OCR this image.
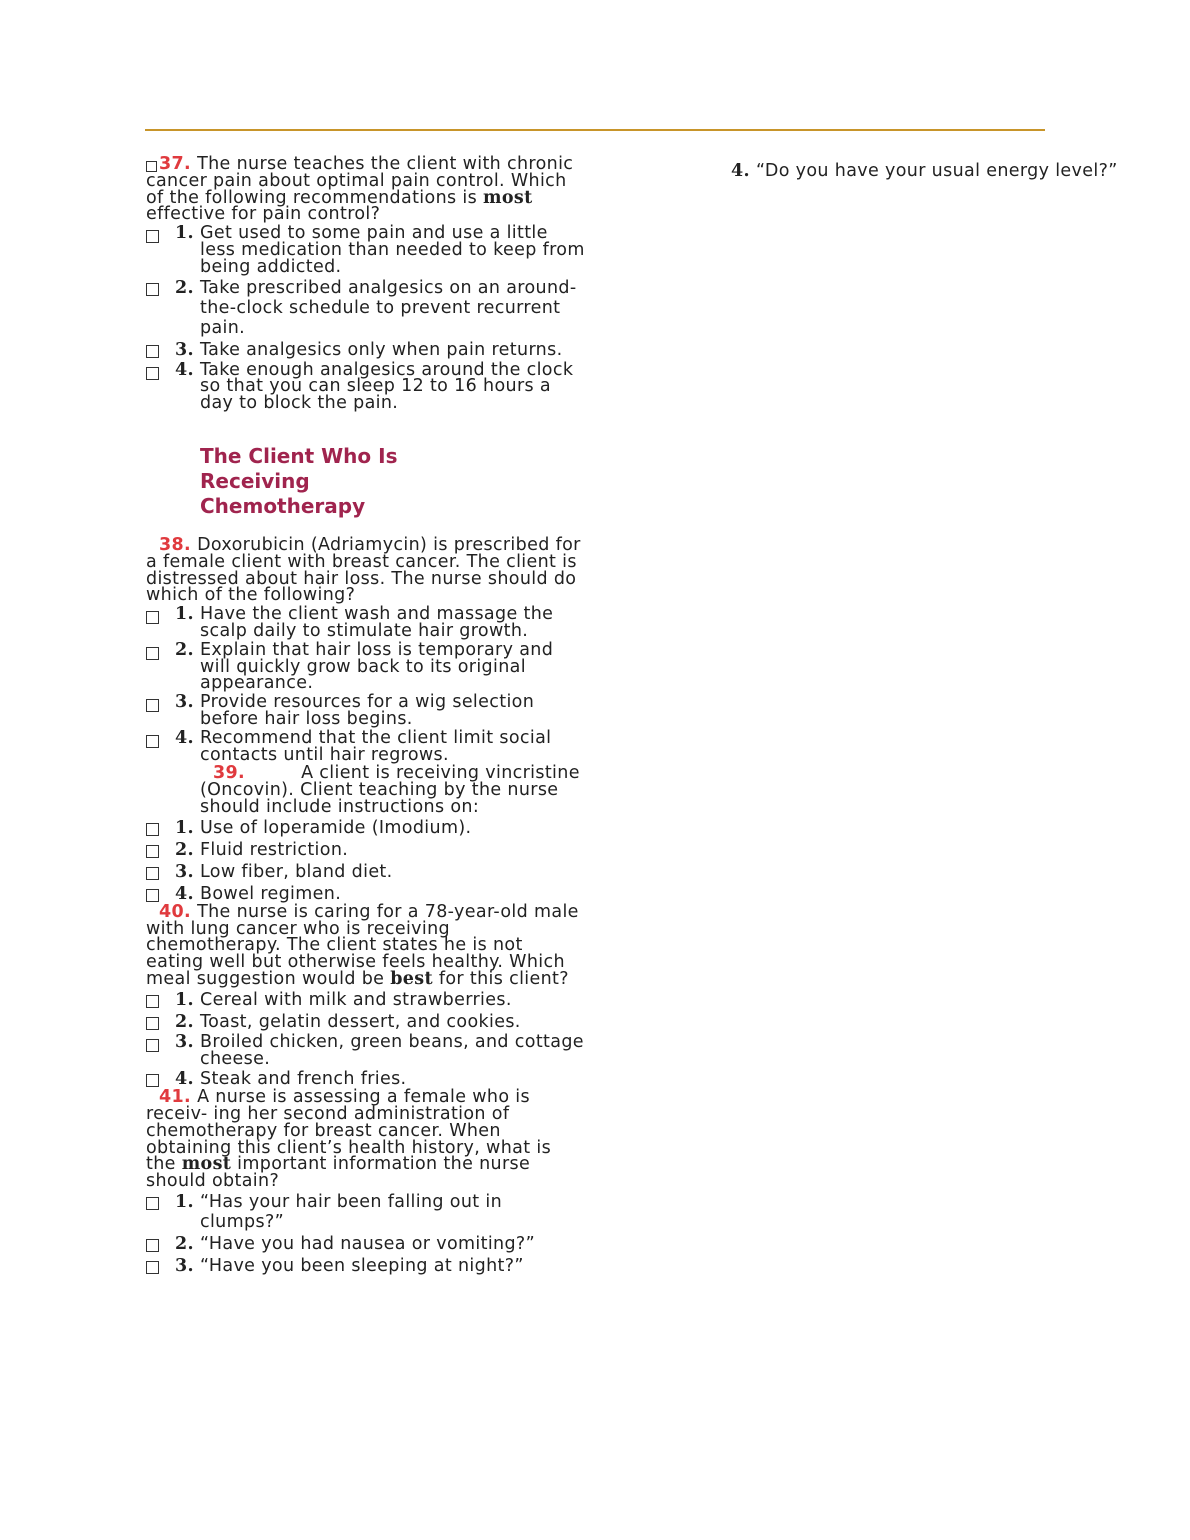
37. The nurse teaches the client with chronic cancer pain about optimal pain control. Which of the following recommendations is most effective for pain control?

1. Get used to some pain and use a little less medication than needed to keep from being addicted.
2. Take prescribed analgesics on an around- the-clock schedule to prevent recurrent pain.
3. Take analgesics only when pain returns.
4. Take enough analgesics around the clock so that you can sleep 12 to 16 hours a day to block the pain.
The Client Who Is Receiving Chemotherapy

38. Doxorubicin (Adriamycin) is prescribed for a female client with breast cancer. The client is distressed about hair loss. The nurse should do which of the following?

1. Have the client wash and massage the scalp daily to stimulate hair growth.
2. Explain that hair loss is temporary and will quickly grow back to its original appearance.
3. Provide resources for a wig selection before hair loss begins.
4. Recommend that the client limit social contacts until hair regrows.
39.	A client is receiving vincristine (Oncovin). Client teaching by the nurse should include instructions on:
1. Use of loperamide (Imodium).
2. Fluid restriction.
3. Low fiber, bland diet.
4. Bowel regimen.

40. The nurse is caring for a 78-year-old male with lung cancer who is receiving chemotherapy. The client states he is not eating well but otherwise feels healthy. Which meal suggestion would be best for this client?

1. Cereal with milk and strawberries.
2. Toast, gelatin dessert, and cookies.
3. Broiled chicken, green beans, and cottage cheese.
4. Steak and french fries.

41. A nurse is assessing a female who is receiv- ing her second administration of chemotherapy for breast cancer. When obtaining this client’s health history, what is the most important information the nurse should obtain?

1. “Has your hair been falling out in clumps?”
2. “Have you had nausea or vomiting?”
3. “Have you been sleeping at night?”
4. “Do you have your usual energy level?”
